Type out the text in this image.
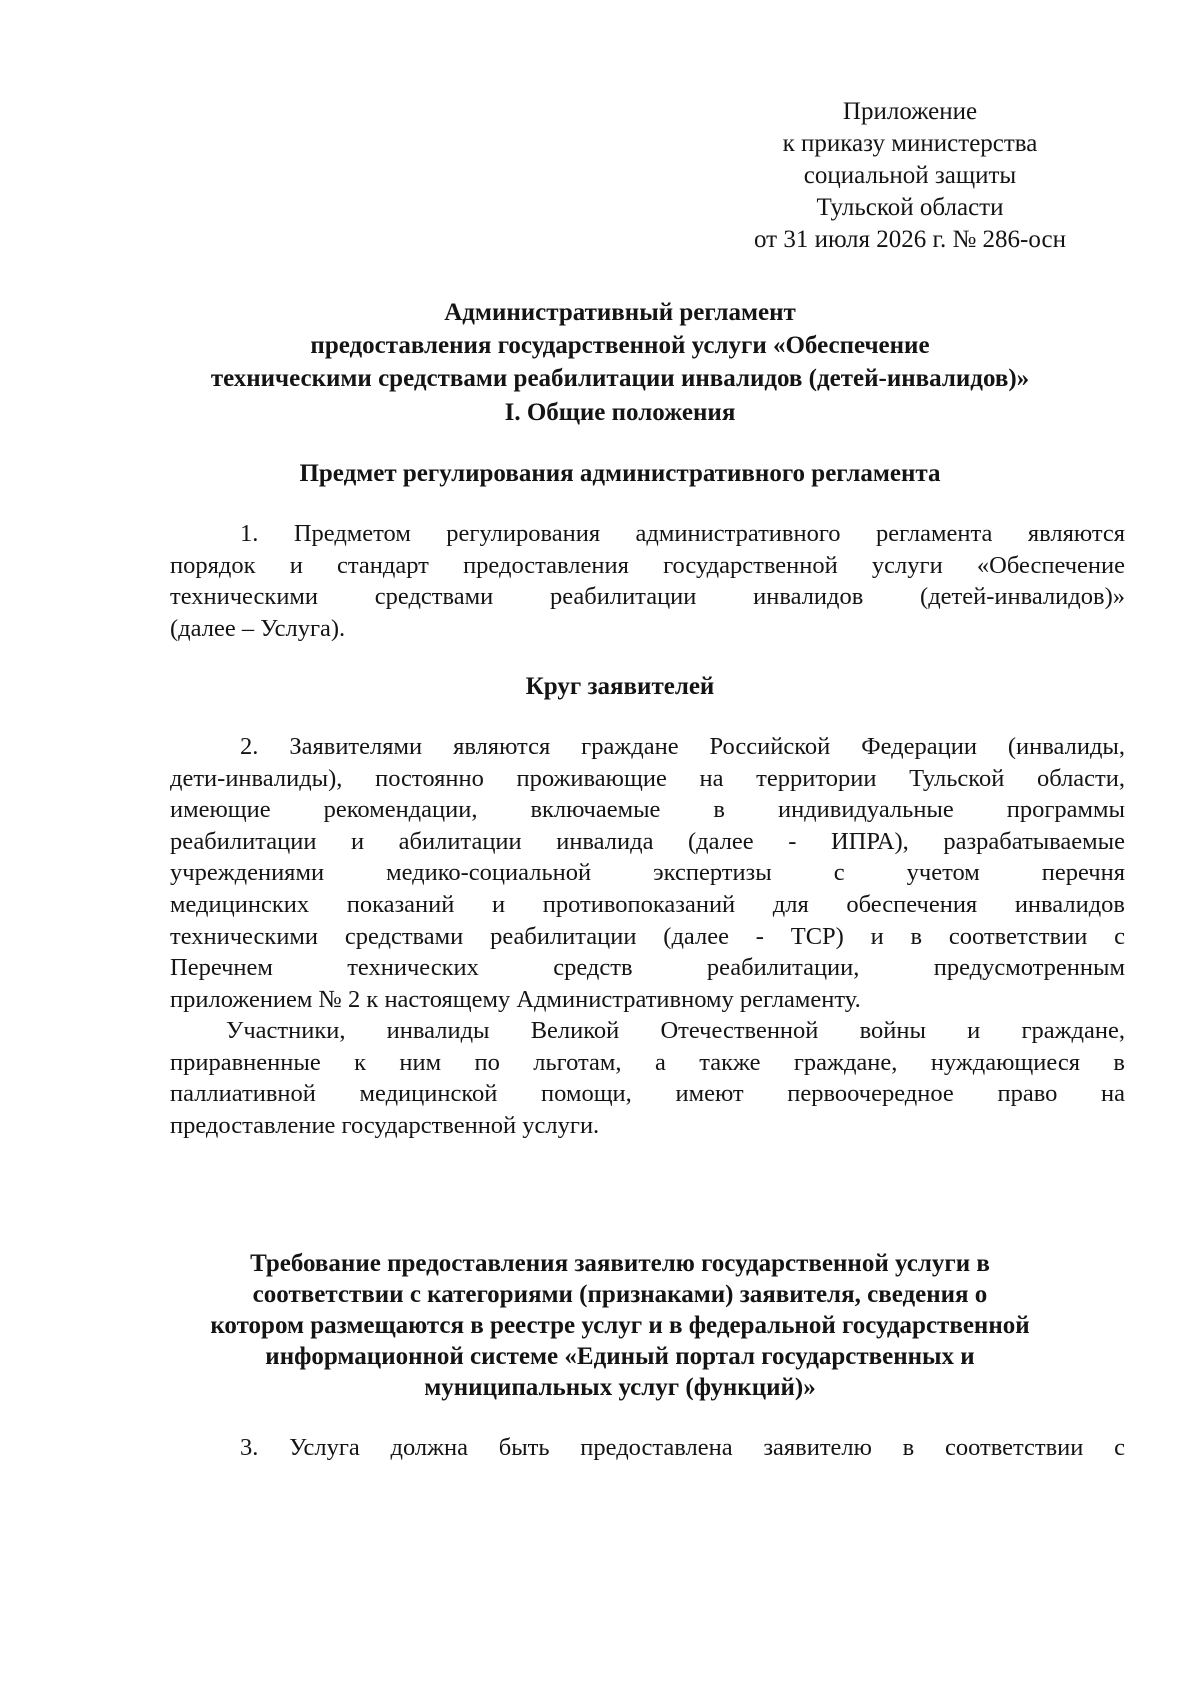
Приложение
к приказу министерства
социальной защиты
Тульской области
от 31 июля 2026 г. № 286-осн
Административный регламент
предоставления государственной услуги «Обеспечение
техническими средствами реабилитации инвалидов (детей-инвалидов)»
I. Общие положения
Предмет регулирования административного регламента
1. Предметом регулирования административного регламента являются
порядок и стандарт предоставления государственной услуги «Обеспечение
техническими средствами реабилитации инвалидов (детей-инвалидов)»
(далее – Услуга).
Круг заявителей
2. Заявителями являются граждане Российской Федерации (инвалиды,
дети-инвалиды), постоянно проживающие на территории Тульской области,
имеющие рекомендации, включаемые в индивидуальные программы
реабилитации и абилитации инвалида (далее - ИПРА), разрабатываемые
учреждениями медико-социальной экспертизы с учетом перечня
медицинских показаний и противопоказаний для обеспечения инвалидов
техническими средствами реабилитации (далее - ТСР) и в соответствии с
Перечнем технических средств реабилитации, предусмотренным
приложением № 2 к настоящему Административному регламенту.
Участники, инвалиды Великой Отечественной войны и граждане,
приравненные к ним по льготам, а также граждане, нуждающиеся в
паллиативной медицинской помощи, имеют первоочередное право на
предоставление государственной услуги.
Требование предоставления заявителю государственной услуги в
соответствии с категориями (признаками) заявителя, сведения о
котором размещаются в реестре услуг и в федеральной государственной
информационной системе «Единый портал государственных и
муниципальных услуг (функций)»
3. Услуга должна быть предоставлена заявителю в соответствии с
